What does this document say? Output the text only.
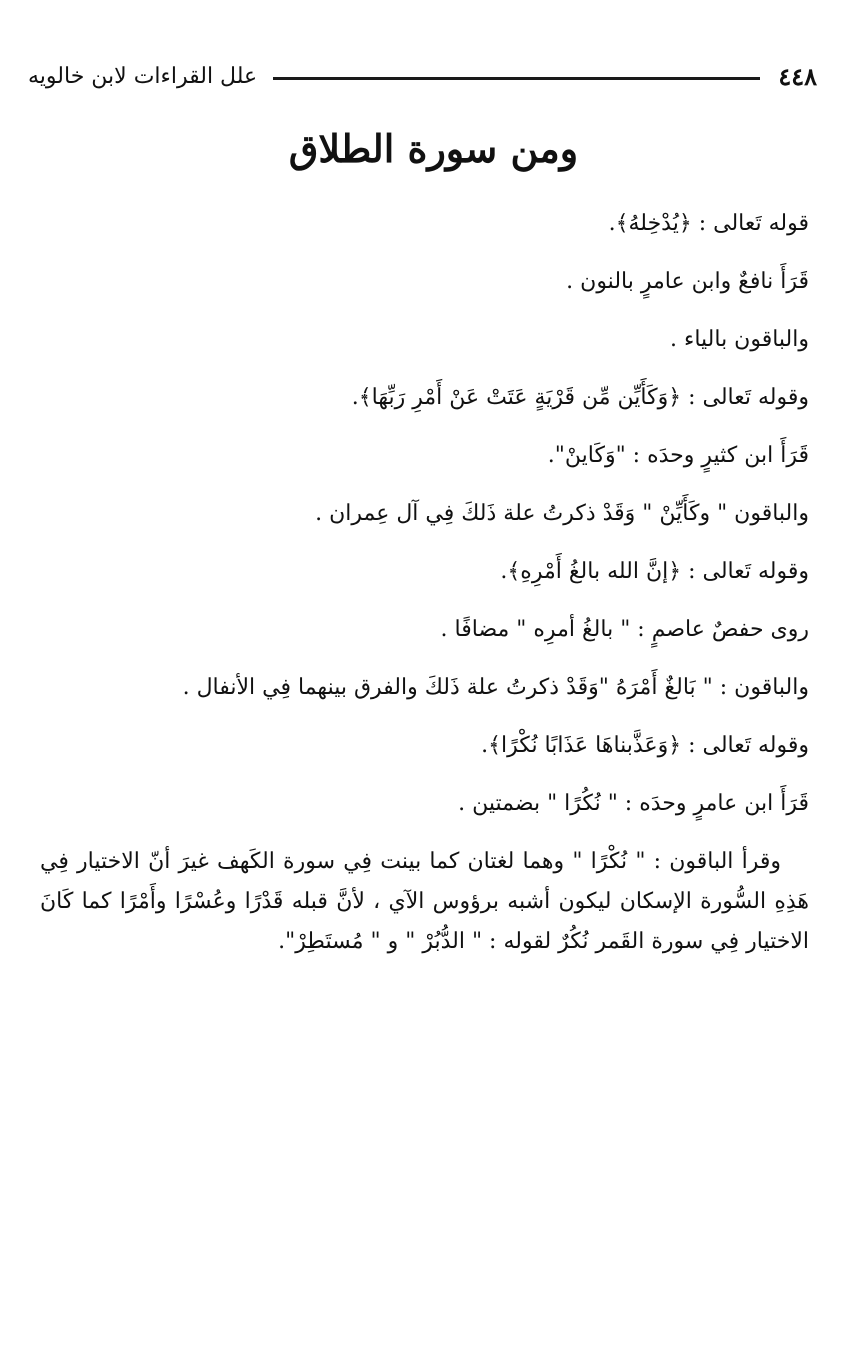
٤٤٨
علل القراءات لابن خالويه
ومن سورة الطلاق
قوله تَعالى : ﴿يُدْخِلهُ﴾.
قَرَأَ نافعٌ وابن عامرٍ بالنون .
والباقون بالياء .
وقوله تَعالى : ﴿وَكَأَيِّن مِّن قَرْيَةٍ عَتَتْ عَنْ أَمْرِ رَبِّهَا﴾.
قَرَأَ ابن كثيرٍ وحدَه : "وَكَاينْ".
والباقون " وكَأَيِّنْ " وَقَدْ ذكرتُ علة ذَلكَ فِي آل عِمران .
وقوله تَعالى : ﴿إنَّ الله بالغُ أَمْرِهِ﴾.
روى حفصٌ عاصمٍ : " بالغُ أمرِه " مضافًا .
والباقون : " بَالغٌ أَمْرَهُ "وَقَدْ ذكرتُ علة ذَلكَ والفرق بينهما فِي الأنفال .
وقوله تَعالى : ﴿وَعَذَّبناهَا عَذَابًا نُكْرًا﴾.
قَرَأَ ابن عامرٍ وحدَه : " نُكُرًا " بضمتين .

وقرأ الباقون : " نُكْرًا " وهما لغتان كما بينت فِي سورة الكَهف غيرَ أنّ الاختيار فِي هَذِهِ السُّورة الإسكان ليكون أشبه برؤوس الآي ، لأنَّ قبله قَدْرًا وعُسْرًا وأَمْرًا كما كَانَ الاختيار فِي سورة القَمر نُكُرٌ لقوله : " الدُّبُرْ " و " مُستَطِرْ".
